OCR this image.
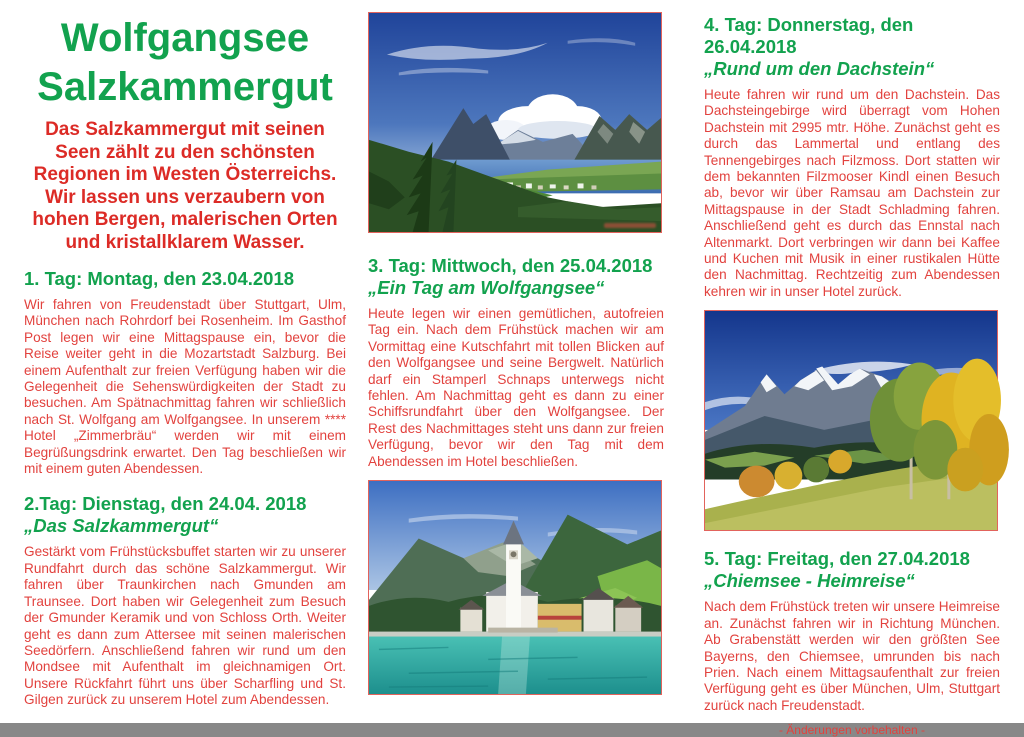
Wolfgangsee
Salzkammergut
Das Salzkammergut mit seinen Seen zählt zu den schönsten Regionen im Westen Österreichs. Wir lassen uns verzaubern von hohen Bergen, malerischen Orten und kristallklarem Wasser.
1. Tag: Montag, den 23.04.2018
Wir fahren von Freudenstadt über Stuttgart, Ulm, München nach Rohrdorf bei Rosenheim. Im Gasthof Post legen wir eine Mittagspause ein, bevor die Reise weiter geht in die Mozartstadt Salzburg. Bei einem Aufenthalt zur freien Verfügung haben wir die Gelegenheit die Sehenswürdigkeiten der Stadt zu besuchen. Am Spätnachmittag fahren wir schließlich nach St. Wolfgang am Wolfgangsee. In unserem **** Hotel „Zimmerbräu“ werden wir mit einem Begrüßungsdrink erwartet. Den Tag beschließen wir mit einem guten Abendessen.
2.Tag: Dienstag, den 24.04. 2018
„Das Salzkammergut“
Gestärkt vom Frühstücksbuffet starten wir zu unserer Rundfahrt durch das schöne Salzkammergut. Wir fahren über Traunkirchen nach Gmunden am Traunsee. Dort haben wir Gelegenheit zum Besuch der Gmunder Keramik und von Schloss Orth. Weiter geht es dann zum Attersee mit seinen malerischen Seedörfern. Anschließend fahren wir rund um den Mondsee mit Aufenthalt im gleichnamigen Ort. Unsere Rückfahrt führt uns über Scharfling und St. Gilgen zurück zu unserem Hotel zum Abendessen.
3. Tag: Mittwoch, den 25.04.2018
„Ein Tag am Wolfgangsee“
Heute legen wir einen gemütlichen, autofreien Tag ein. Nach dem Frühstück machen wir am Vormittag eine Kutschfahrt mit tollen Blicken auf den Wolfgangsee und seine Bergwelt. Natürlich darf ein Stamperl Schnaps unterwegs nicht fehlen. Am Nachmittag geht es dann zu einer Schiffsrundfahrt über den Wolfgangsee. Der Rest des Nachmittages steht uns dann zur freien Verfügung, bevor wir den Tag mit dem Abendessen im Hotel beschließen.
4. Tag: Donnerstag, den 26.04.2018
„Rund um den Dachstein“
Heute fahren wir rund um den Dachstein. Das Dachsteingebirge wird überragt vom Hohen Dachstein mit 2995 mtr. Höhe. Zunächst geht es durch das Lammertal und entlang des Tennengebirges nach Filzmoss. Dort statten wir dem bekannten Filzmooser Kindl einen Besuch ab, bevor wir über Ramsau am Dachstein zur Mittagspause in der Stadt Schladming fahren. Anschließend geht es durch das Ennstal nach Altenmarkt. Dort verbringen wir dann bei Kaffee und Kuchen mit Musik in einer rustikalen Hütte den Nachmittag. Rechtzeitig zum Abendessen kehren wir in unser Hotel zurück.
5. Tag: Freitag, den 27.04.2018
„Chiemsee - Heimreise“
Nach dem Frühstück treten wir unsere Heimreise an. Zunächst fahren wir in Richtung München. Ab Grabenstätt werden wir den größten See Bayerns, den Chiemsee, umrunden bis nach Prien. Nach einem Mittagsaufenthalt zur freien Verfügung geht es über München, Ulm, Stuttgart zurück nach Freudenstadt.
- Änderungen vorbehalten -
